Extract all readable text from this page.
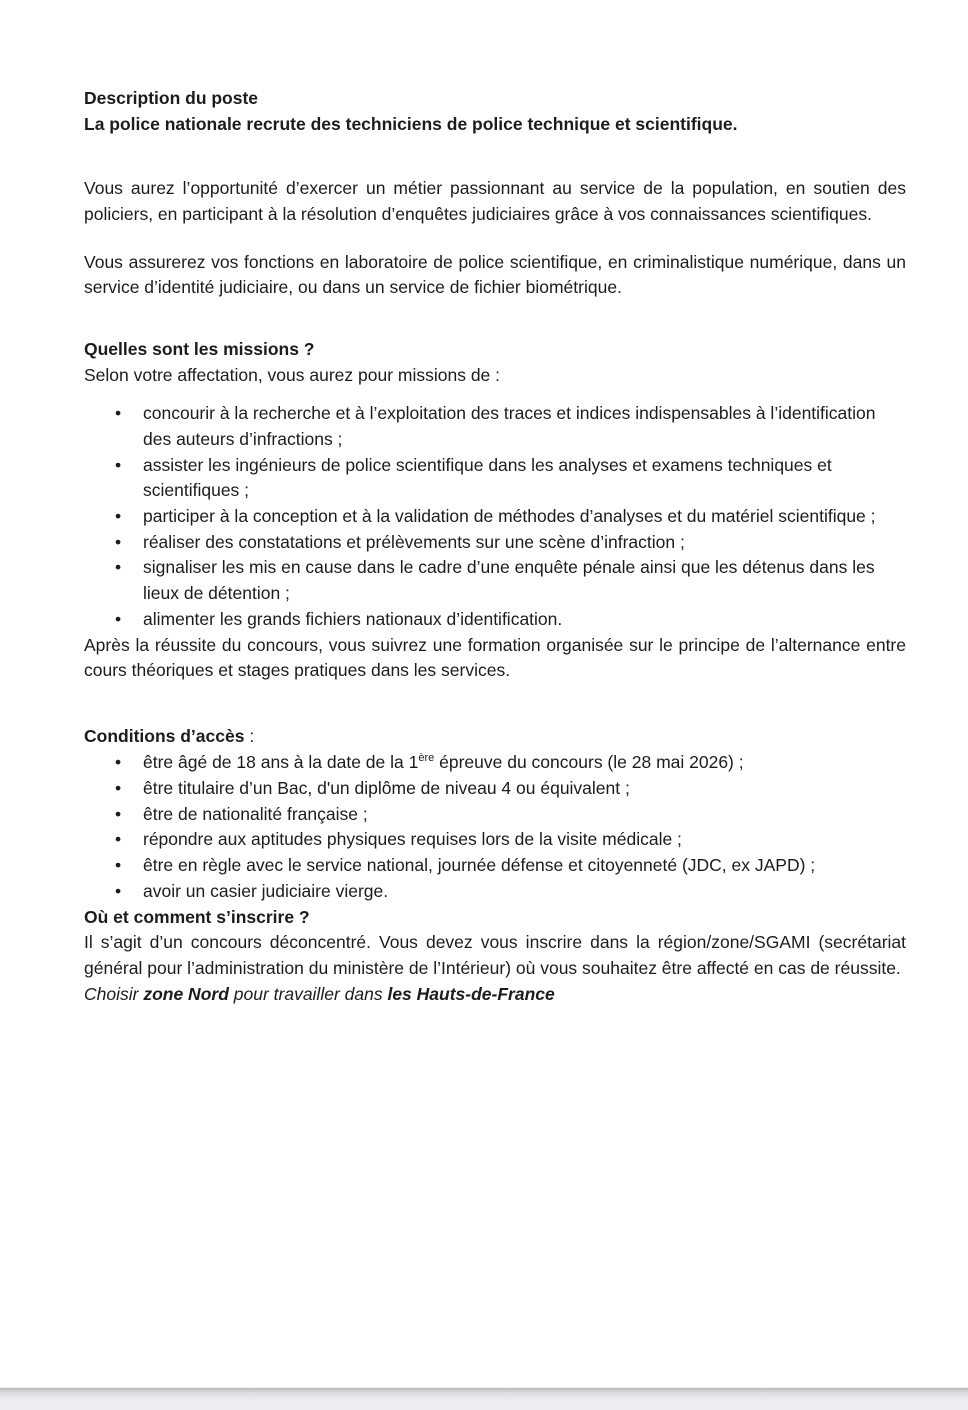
Description du poste

La police nationale recrute des techniciens de police technique et scientifique.

Vous aurez l’opportunité d’exercer un métier passionnant au service de la population, en soutien des policiers, en participant à la résolution d’enquêtes judiciaires grâce à vos connaissances scientifiques.

Vous assurerez vos fonctions en laboratoire de police scientifique, en criminalistique numérique, dans un service d’identité judiciaire, ou dans un service de fichier biométrique.

Quelles sont les missions ?

Selon votre affectation, vous aurez pour missions de :

• concourir à la recherche et à l’exploitation des traces et indices indispensables à l’identification des auteurs d’infractions ;
• assister les ingénieurs de police scientifique dans les analyses et examens techniques et scientifiques ;
• participer à la conception et à la validation de méthodes d’analyses et du matériel scientifique ;
• réaliser des constatations et prélèvements sur une scène d’infraction ;
• signaliser les mis en cause dans le cadre d’une enquête pénale ainsi que les détenus dans les lieux de détention ;
• alimenter les grands fichiers nationaux d’identification.

Après la réussite du concours, vous suivrez une formation organisée sur le principe de l’alternance entre cours théoriques et stages pratiques dans les services.

Conditions d’accès :
• être âgé de 18 ans à la date de la 1ère épreuve du concours (le 28 mai 2026) ;
• être titulaire d’un Bac, d'un diplôme de niveau 4 ou équivalent ;
• être de nationalité française ;
• répondre aux aptitudes physiques requises lors de la visite médicale ;
• être en règle avec le service national, journée défense et citoyenneté (JDC, ex JAPD) ;
• avoir un casier judiciaire vierge.
Où et comment s’inscrire ?

Il s’agit d’un concours déconcentré. Vous devez vous inscrire dans la région/zone/SGAMI (secrétariat général pour l’administration du ministère de l’Intérieur) où vous souhaitez être affecté en cas de réussite.

Choisir zone Nord pour travailler dans les Hauts-de-France
